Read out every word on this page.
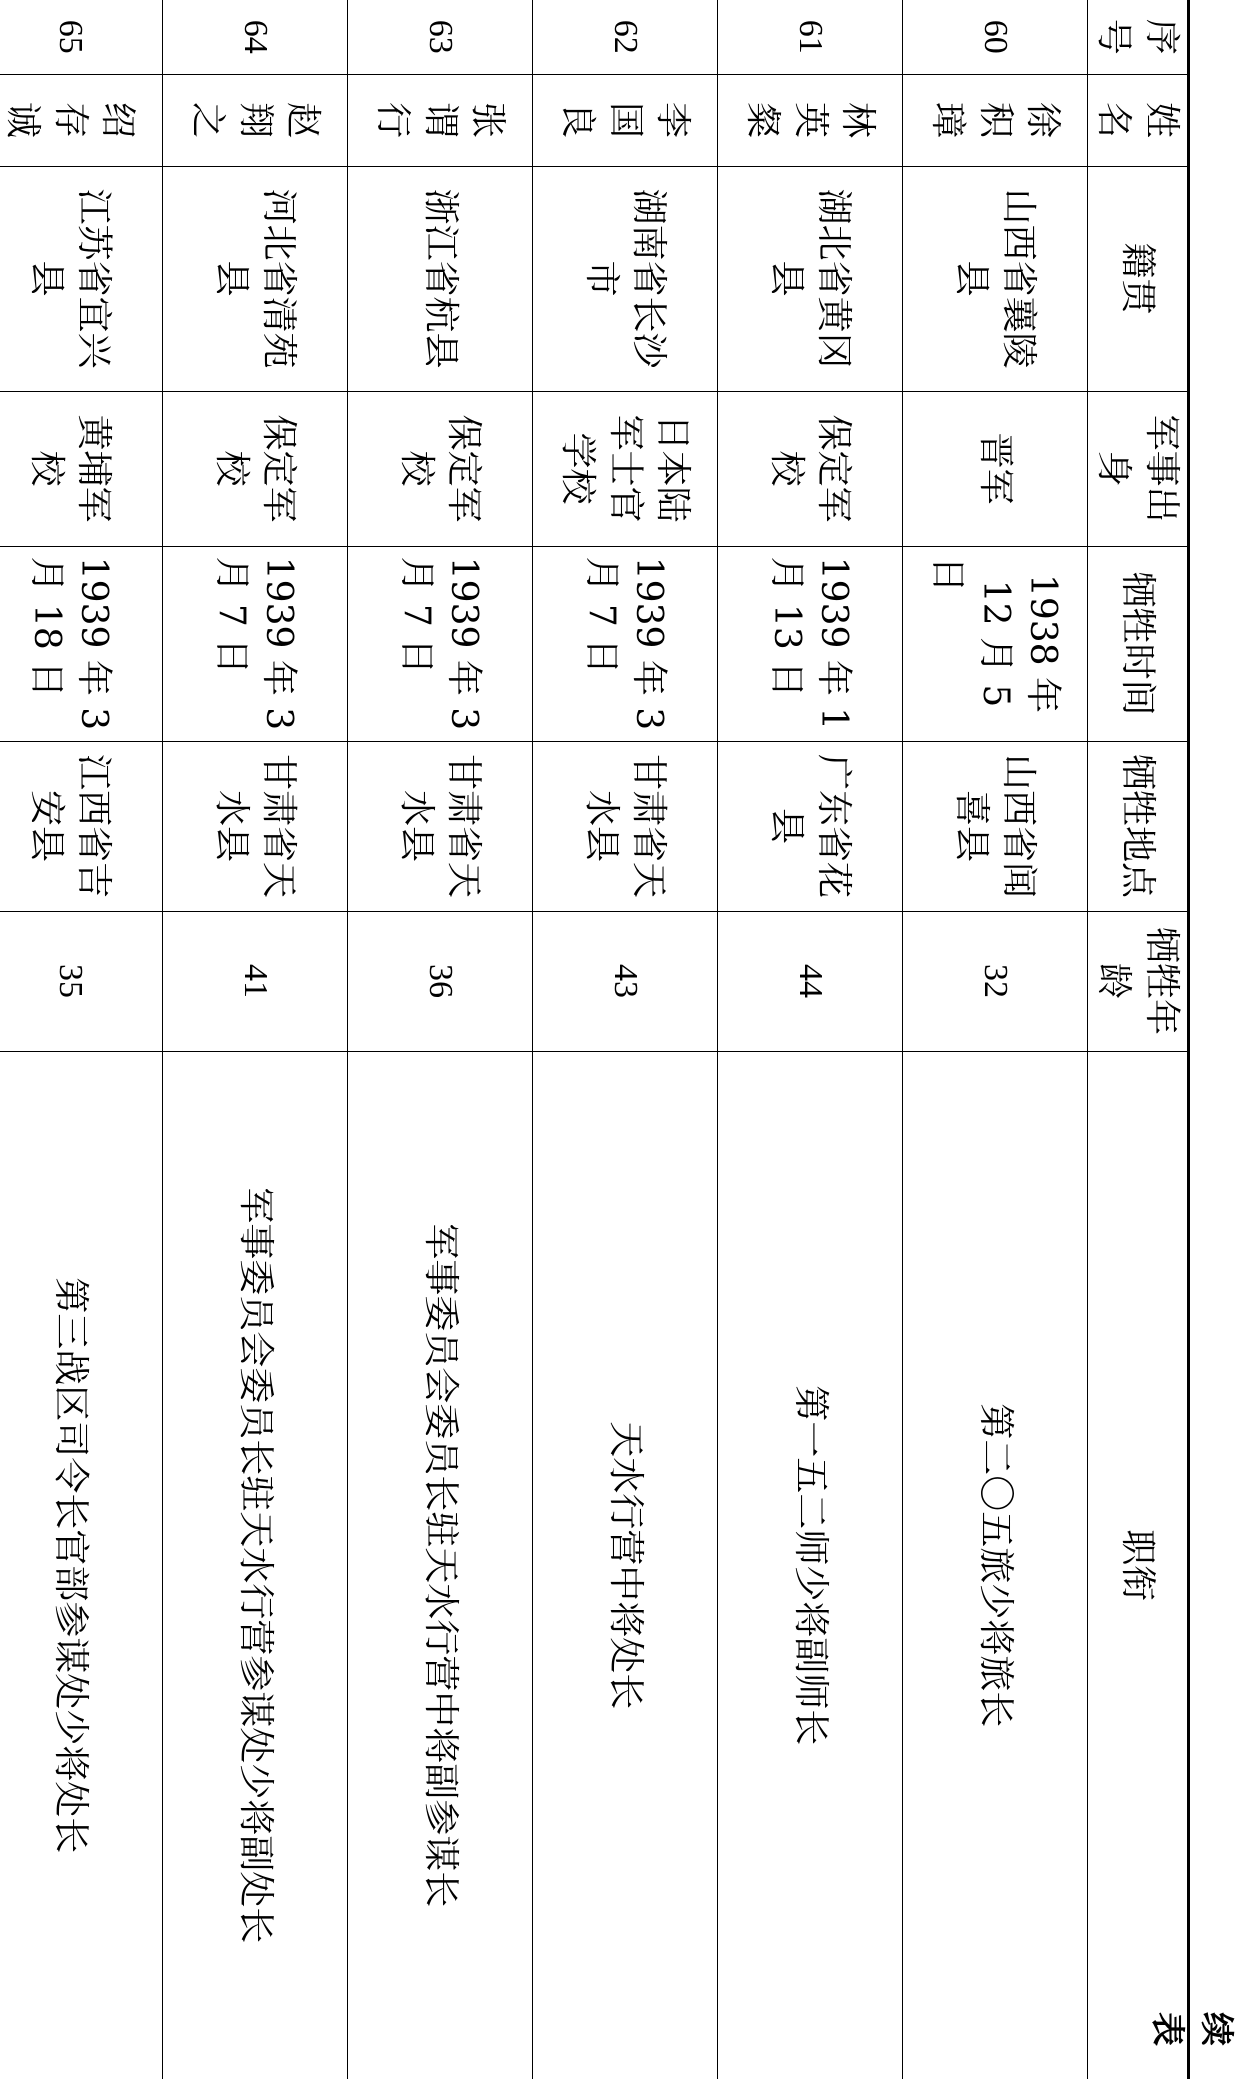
续表
序号	姓名	籍贯	军事出身	牺牲时间	牺牲地点	牺牲年龄	职衔
60	徐积璋	山西省襄陵县	晋军	1938 年 12 月 5 日	山西省闻喜县	32	第二〇五旅少将旅长
61	林英粲	湖北省黄冈县	保定军校	1939 年 1 月 13 日	广东省花县	44	第一五二师少将副师长
62	李国良	湖南省长沙市	日本陆军士官学校	1939 年 3 月 7 日	甘肃省天水县	43	天水行营中将处长
63	张谓行	浙江省杭县	保定军校	1939 年 3 月 7 日	甘肃省天水县	36	军事委员会委员长驻天水行营中将副参谋长
64	赵翔之	河北省清苑县	保定军校	1939 年 3 月 7 日	甘肃省天水县	41	军事委员会委员长驻天水行营参谋处少将副处长
65	绍存诚	江苏省宜兴县	黄埔军校	1939 年 3 月 18 日	江西省吉安县	35	第三战区司令长官部参谋处少将处长
